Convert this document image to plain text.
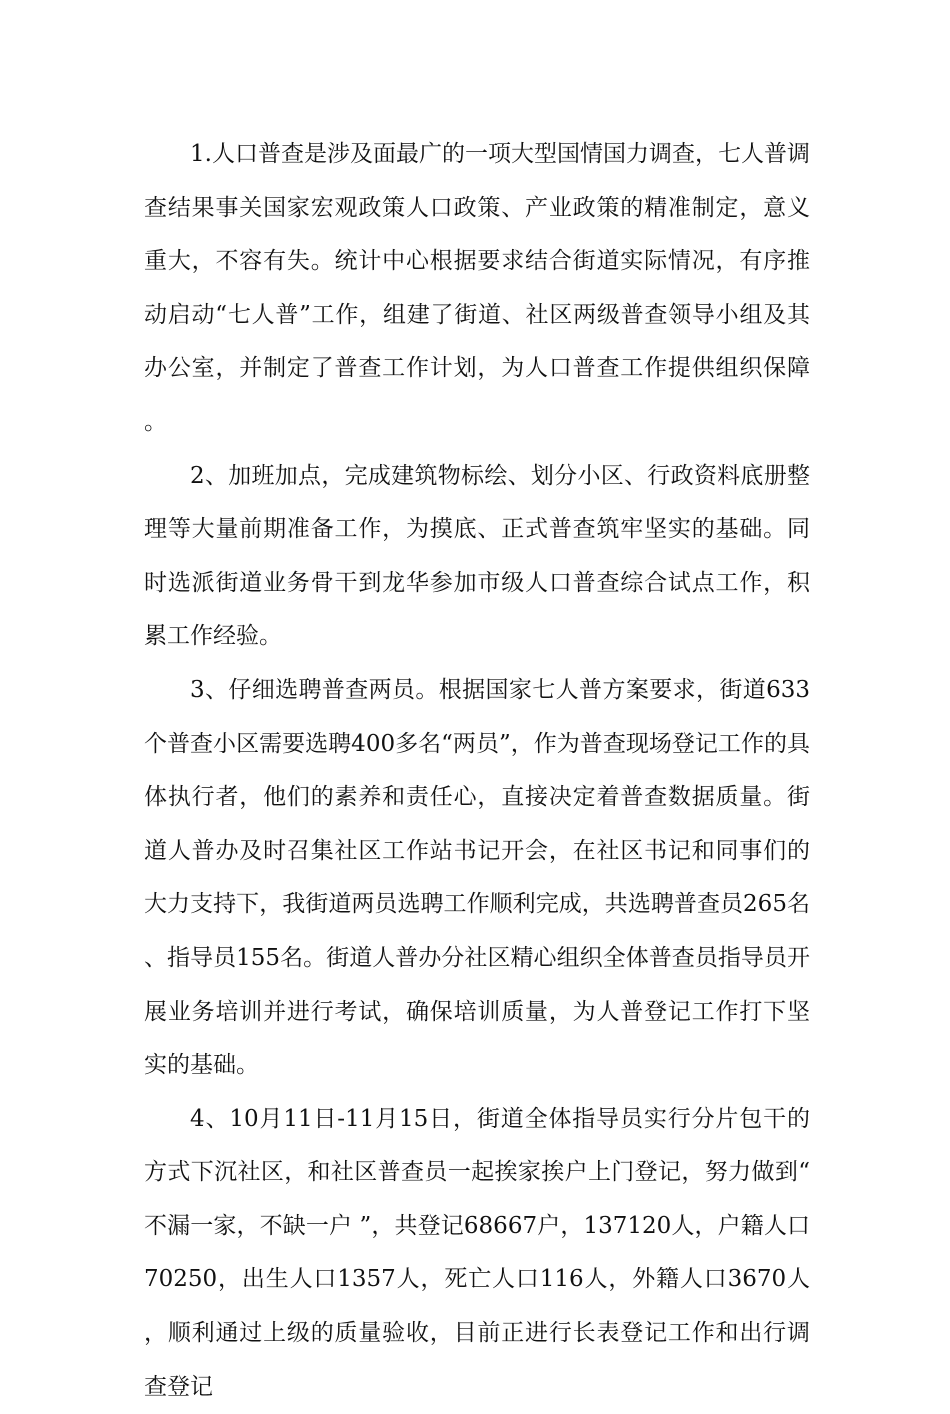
1.人口普查是涉及面最广的一项大型国情国力调查，七人普调查结果事关国家宏观政策人口政策、产业政策的精准制定，意义重大，不容有失。统计中心根据要求结合街道实际情况，有序推动启动“七人普”工作，组建了街道、社区两级普查领导小组及其办公室，并制定了普查工作计划，为人口普查工作提供组织保障。

2、加班加点，完成建筑物标绘、划分小区、行政资料底册整理等大量前期准备工作，为摸底、正式普查筑牢坚实的基础。同时选派街道业务骨干到龙华参加市级人口普查综合试点工作，积累工作经验。

3、仔细选聘普查两员。根据国家七人普方案要求，街道633个普查小区需要选聘400多名“两员”，作为普查现场登记工作的具体执行者，他们的素养和责任心，直接决定着普查数据质量。街道人普办及时召集社区工作站书记开会，在社区书记和同事们的大力支持下，我街道两员选聘工作顺利完成，共选聘普查员265名、指导员155名。街道人普办分社区精心组织全体普查员指导员开展业务培训并进行考试，确保培训质量，为人普登记工作打下坚实的基础。

4、10月11日-11月15日，街道全体指导员实行分片包干的方式下沉社区，和社区普查员一起挨家挨户上门登记，努力做到“不漏一家，不缺一户 ”，共登记68667户，137120人，户籍人口70250，出生人口1357人，死亡人口116人，外籍人口3670人，顺利通过上级的质量验收，目前正进行长表登记工作和出行调查登记
